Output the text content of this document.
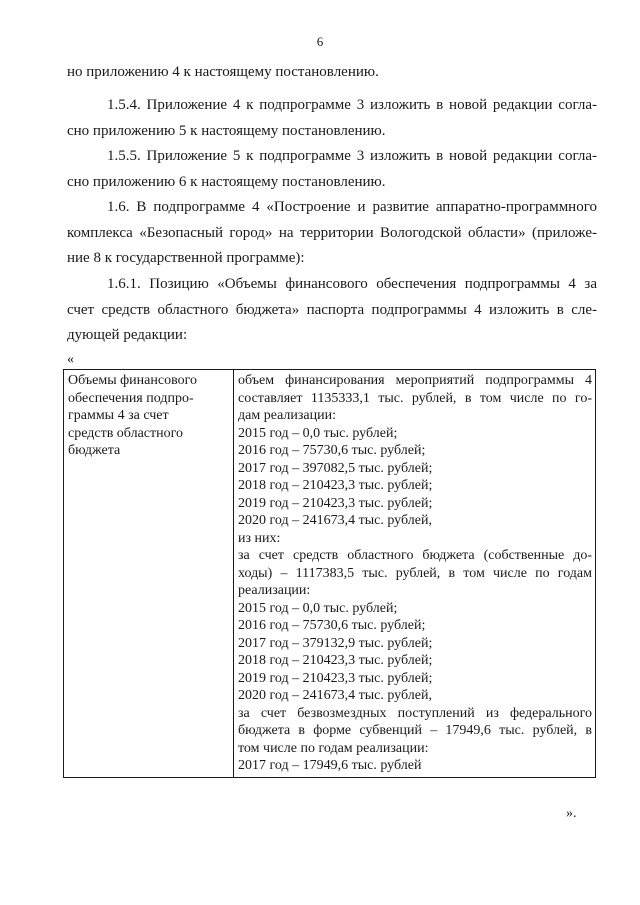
6
но приложению 4 к настоящему постановлению.
1.5.4. Приложение 4 к подпрограмме 3 изложить в новой редакции согла-
сно приложению 5 к настоящему постановлению.
1.5.5. Приложение 5 к подпрограмме 3 изложить в новой редакции согла-
сно приложению 6 к настоящему постановлению.
1.6. В подпрограмме 4 «Построение и развитие аппаратно-программного
комплекса «Безопасный город» на территории Вологодской области» (приложе-
ние 8 к государственной программе):
1.6.1. Позицию «Объемы финансового обеспечения подпрограммы 4 за
счет средств областного бюджета» паспорта подпрограммы 4 изложить в сле-
дующей редакции:
«
Объемы финансового
обеспечения подпро-
граммы 4 за счет
средств областного
бюджета

объем финансирования мероприятий подпрограммы 4
составляет 1135333,1 тыс. рублей, в том числе по го-
дам реализации:
2015 год – 0,0 тыс. рублей;
2016 год – 75730,6 тыс. рублей;
2017 год – 397082,5 тыс. рублей;
2018 год – 210423,3 тыс. рублей;
2019 год – 210423,3 тыс. рублей;
2020 год – 241673,4 тыс. рублей,
из них:
за счет средств областного бюджета (собственные до-
ходы) – 1117383,5 тыс. рублей, в том числе по годам
реализации:
2015 год – 0,0 тыс. рублей;
2016 год – 75730,6 тыс. рублей;
2017 год – 379132,9 тыс. рублей;
2018 год – 210423,3 тыс. рублей;
2019 год – 210423,3 тыс. рублей;
2020 год – 241673,4 тыс. рублей,
за счет безвозмездных поступлений из федерального
бюджета в форме субвенций – 17949,6 тыс. рублей, в
том числе по годам реализации:
2017 год – 17949,6 тыс. рублей
».
